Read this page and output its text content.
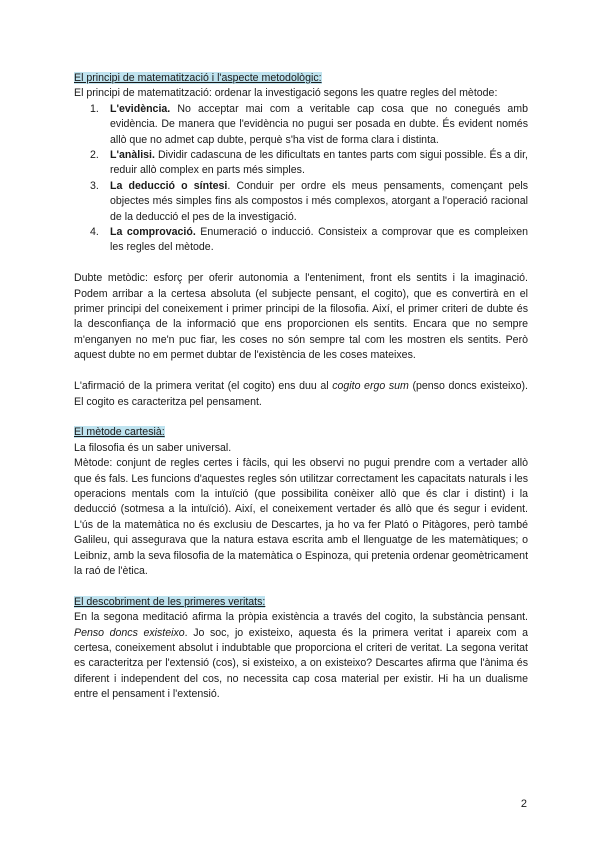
El principi de matematització i l'aspecte metodològic:

El principi de matematització: ordenar la investigació segons les quatre regles del mètode:

1. L'evidència. No acceptar mai com a veritable cap cosa que no conegués amb evidència. De manera que l'evidència no pugui ser posada en dubte. És evident només allò que no admet cap dubte, perquè s'ha vist de forma clara i distinta.
2. L'anàlisi. Dividir cadascuna de les dificultats en tantes parts com sigui possible. És a dir, reduir allò complex en parts més simples.
3. La deducció o síntesi. Conduir per ordre els meus pensaments, començant pels objectes més simples fins als compostos i més complexos, atorgant a l'operació racional de la deducció el pes de la investigació.
4. La comprovació. Enumeració o inducció. Consisteix a comprovar que es compleixen les regles del mètode.

Dubte metòdic: esforç per oferir autonomia a l'enteniment, front els sentits i la imaginació. Podem arribar a la certesa absoluta (el subjecte pensant, el cogito), que es convertirà en el primer principi del coneixement i primer principi de la filosofia. Així, el primer criteri de dubte és la desconfiança de la informació que ens proporcionen els sentits. Encara que no sempre m'enganyen no me'n puc fiar, les coses no són sempre tal com les mostren els sentits. Però aquest dubte no em permet dubtar de l'existència de les coses mateixes.

L'afirmació de la primera veritat (el cogito) ens duu al cogito ergo sum (penso doncs existeixo). El cogito es caracteritza pel pensament.

El mètode cartesià:

La filosofia és un saber universal.

Mètode: conjunt de regles certes i fàcils, qui les observi no pugui prendre com a vertader allò que és fals. Les funcions d'aquestes regles són utilitzar correctament les capacitats naturals i les operacions mentals com la intuïció (que possibilita conèixer allò que és clar i distint) i la deducció (sotmesa a la intuïció). Així, el coneixement vertader és allò que és segur i evident. L'ús de la matemàtica no és exclusiu de Descartes, ja ho va fer Plató o Pitàgores, però també Galileu, qui assegurava que la natura estava escrita amb el llenguatge de les matemàtiques; o Leibniz, amb la seva filosofia de la matemàtica o Espinoza, qui pretenia ordenar geomètricament la raó de l'ètica.

El descobriment de les primeres veritats:

En la segona meditació afirma la pròpia existència a través del cogito, la substància pensant. Penso doncs existeixo. Jo soc, jo existeixo, aquesta és la primera veritat i apareix com a certesa, coneixement absolut i indubtable que proporciona el criteri de veritat. La segona veritat es caracteritza per l'extensió (cos), si existeixo, a on existeixo? Descartes afirma que l'ànima és diferent i independent del cos, no necessita cap cosa material per existir. Hi ha un dualisme entre el pensament i l'extensió.

2
